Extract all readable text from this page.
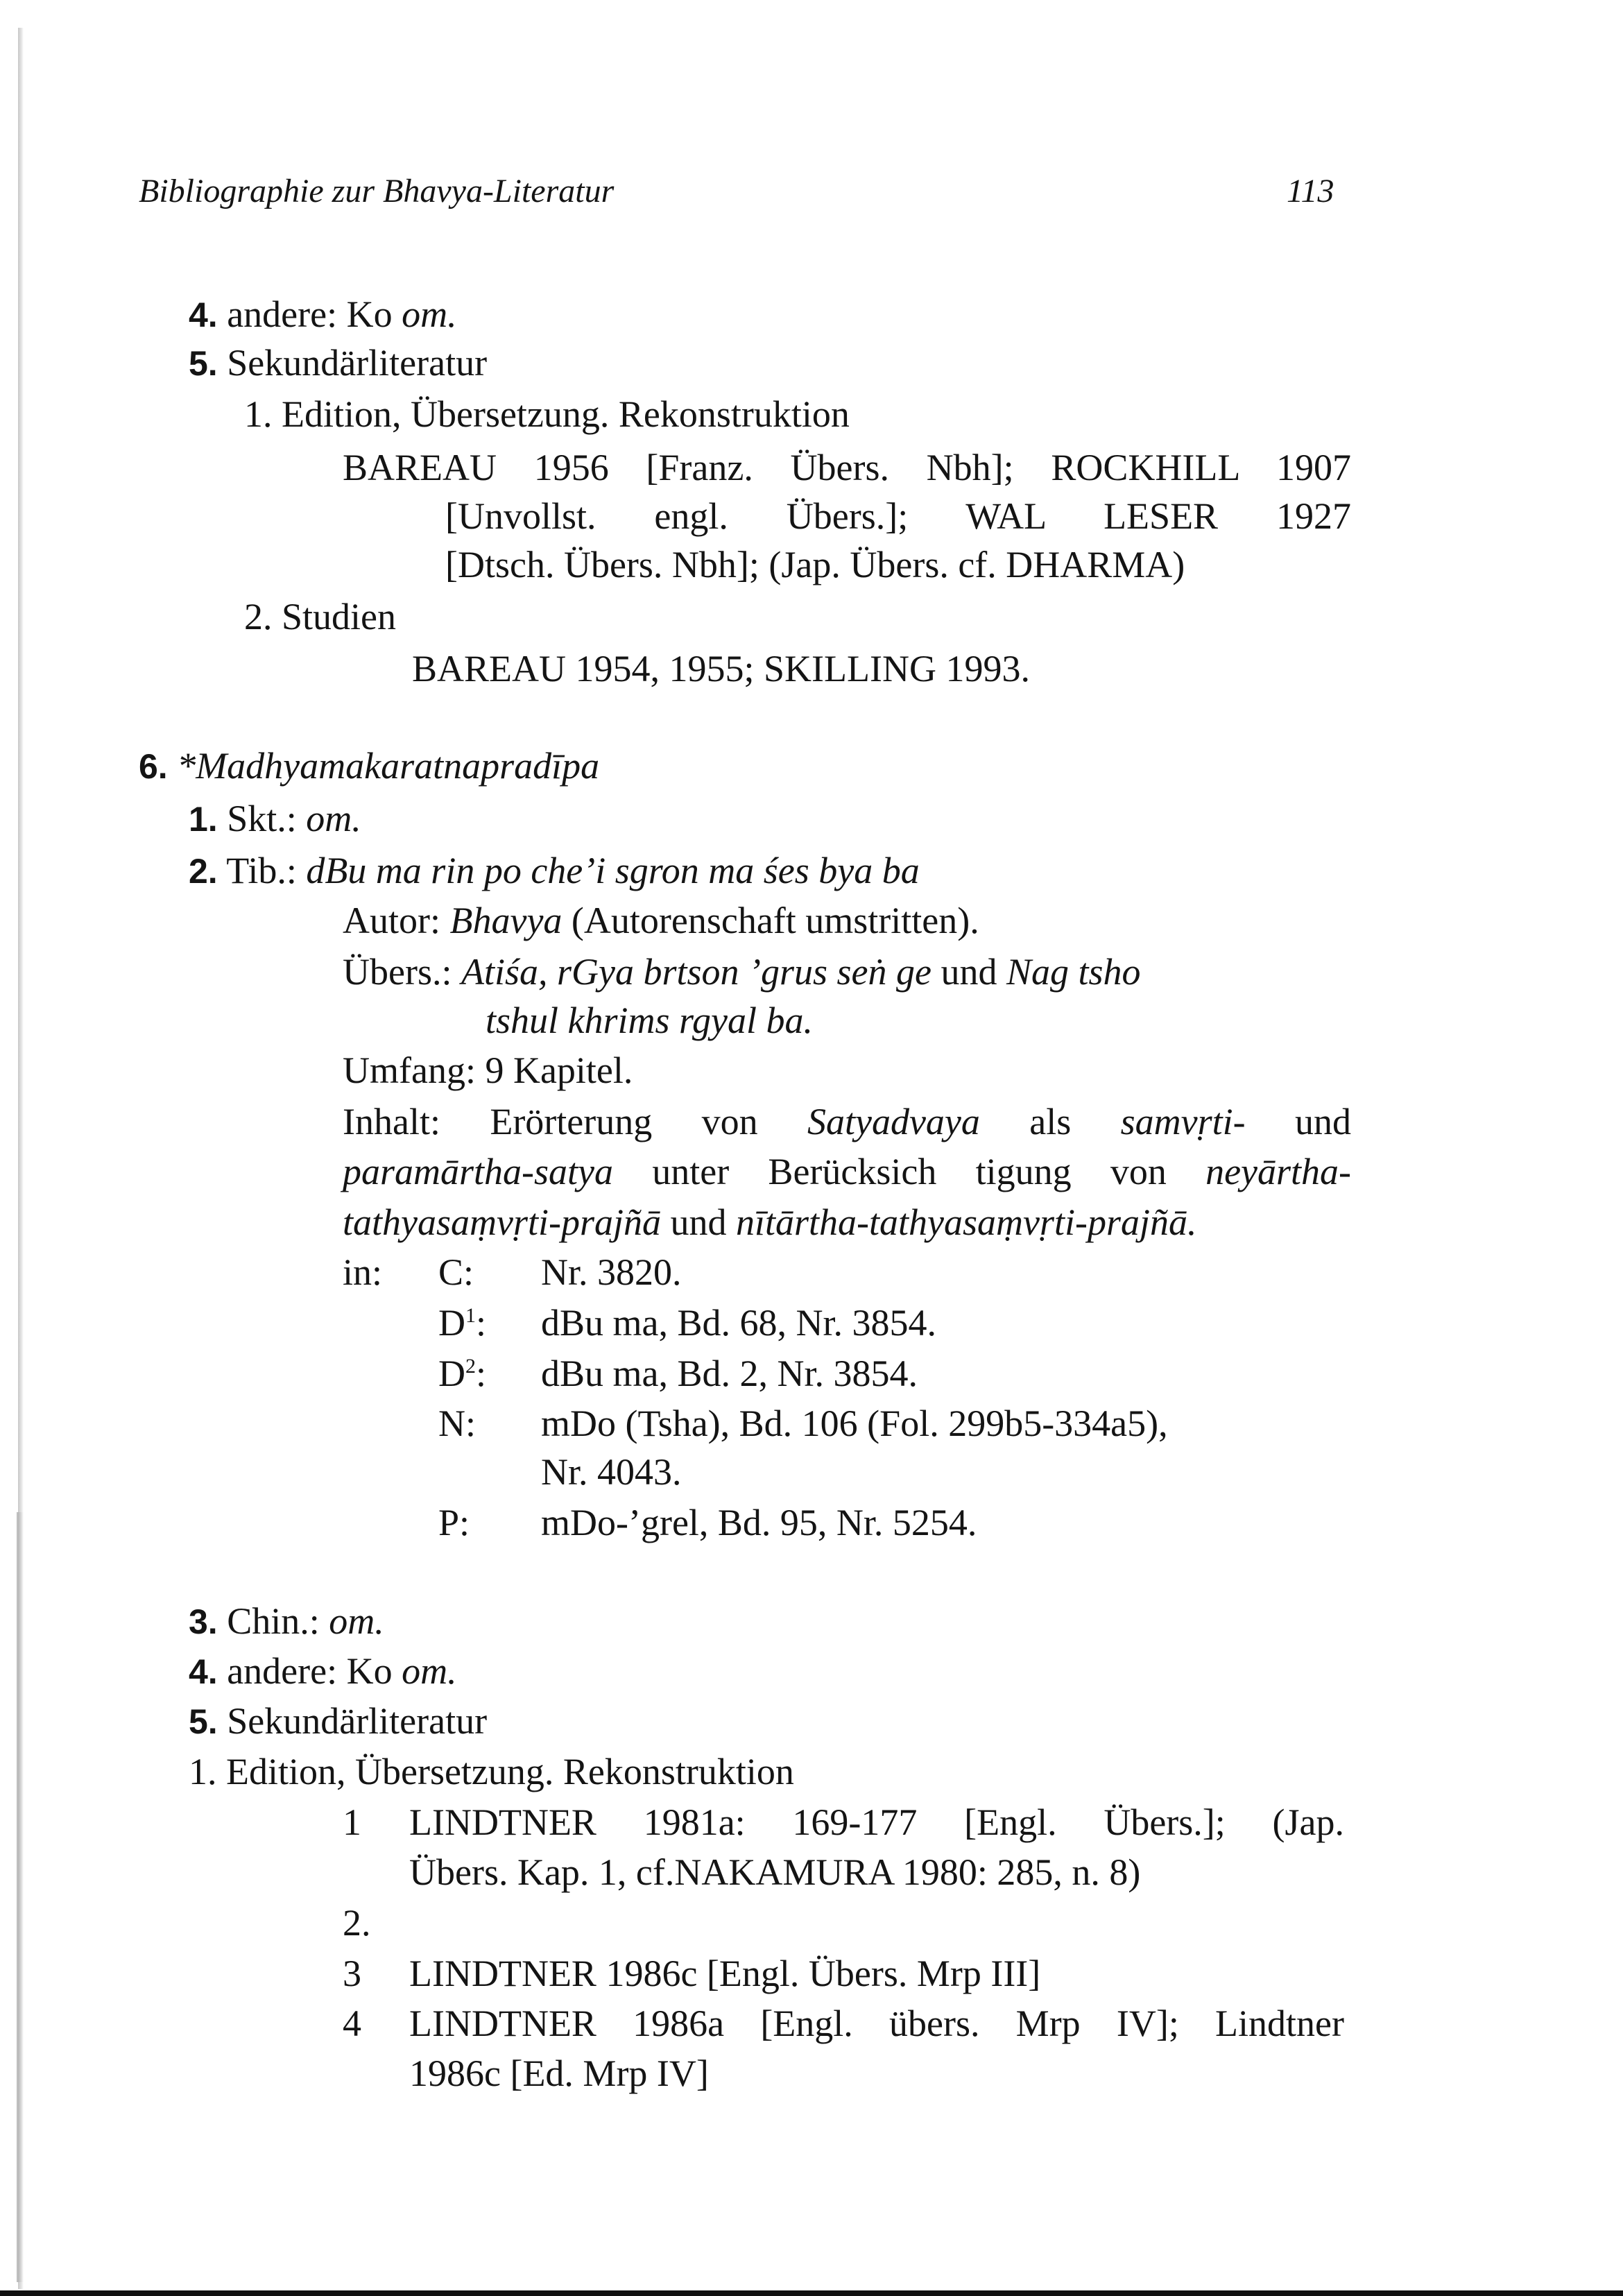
Bibliographie zur Bhavya-Literatur	113
4. andere: Ko om.
5. Sekundärliteratur
1. Edition, Übersetzung. Rekonstruktion
BAREAU 1956 [Franz. Übers. Nbh]; ROCKHILL 1907
[Unvollst. engl. Übers.]; WAL LESER 1927
[Dtsch. Übers. Nbh]; (Jap. Übers. cf. DHARMA)
2. Studien
BAREAU 1954, 1955; SKILLING 1993.
6. *Madhyamakaratnapradīpa
1. Skt.: om.
2. Tib.: dBu ma rin po che’i sgron ma śes bya ba
Autor: Bhavya (Autorenschaft umstritten).
Übers.: Atiśa, rGya brtson ’grus seṅ ge und Nag tsho
tshul khrims rgyal ba.
Umfang: 9 Kapitel.
Inhalt: Erörterung von Satyadvaya als samvṛti- und
paramārtha-satya unter Berücksich tigung von neyārtha-
tathyasaṃvṛti-prajñā und nītārtha-tathyasaṃvṛti-prajñā.
in: C: Nr. 3820.
$D^1$: dBu ma, Bd. 68, Nr. 3854.
$D^2$: dBu ma, Bd. 2, Nr. 3854.
N: mDo (Tsha), Bd. 106 (Fol. 299b5-334a5),
Nr. 4043.
P: mDo-’grel, Bd. 95, Nr. 5254.
3. Chin.: om.
4. andere: Ko om.
5. Sekundärliteratur
1. Edition, Übersetzung. Rekonstruktion
1 LINDTNER 1981a: 169-177 [Engl. Übers.]; (Jap.
Übers. Kap. 1, cf.NAKAMURA 1980: 285, n. 8)
2.
3 LINDTNER 1986c [Engl. Übers. Mrp III]
4 LINDTNER 1986a [Engl. übers. Mrp IV]; Lindtner
1986c [Ed. Mrp IV]
